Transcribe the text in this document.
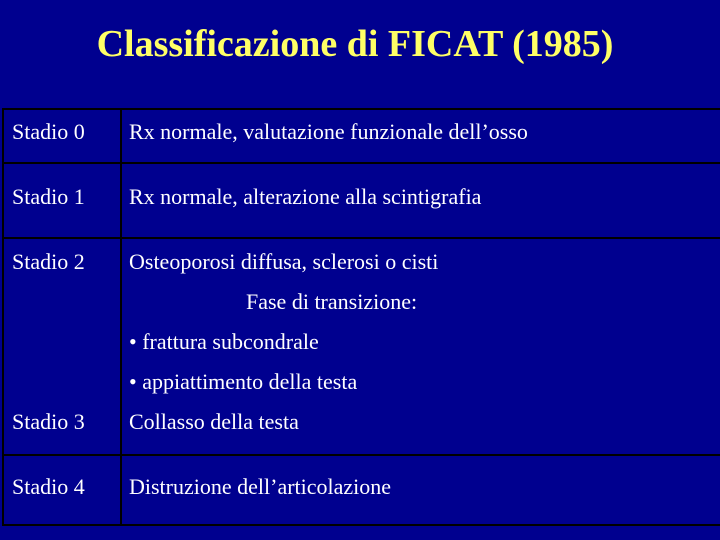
Classificazione di FICAT (1985)
Stadio 0 Rx normale, valutazione funzionale dell’osso
Stadio 1 Rx normale, alterazione alla scintigrafia
Stadio 2 Osteoporosi diffusa, sclerosi o cisti
Fase di transizione:
• frattura subcondrale
• appiattimento della testa
Stadio 3 Collasso della testa
Stadio 4 Distruzione dell’articolazione
